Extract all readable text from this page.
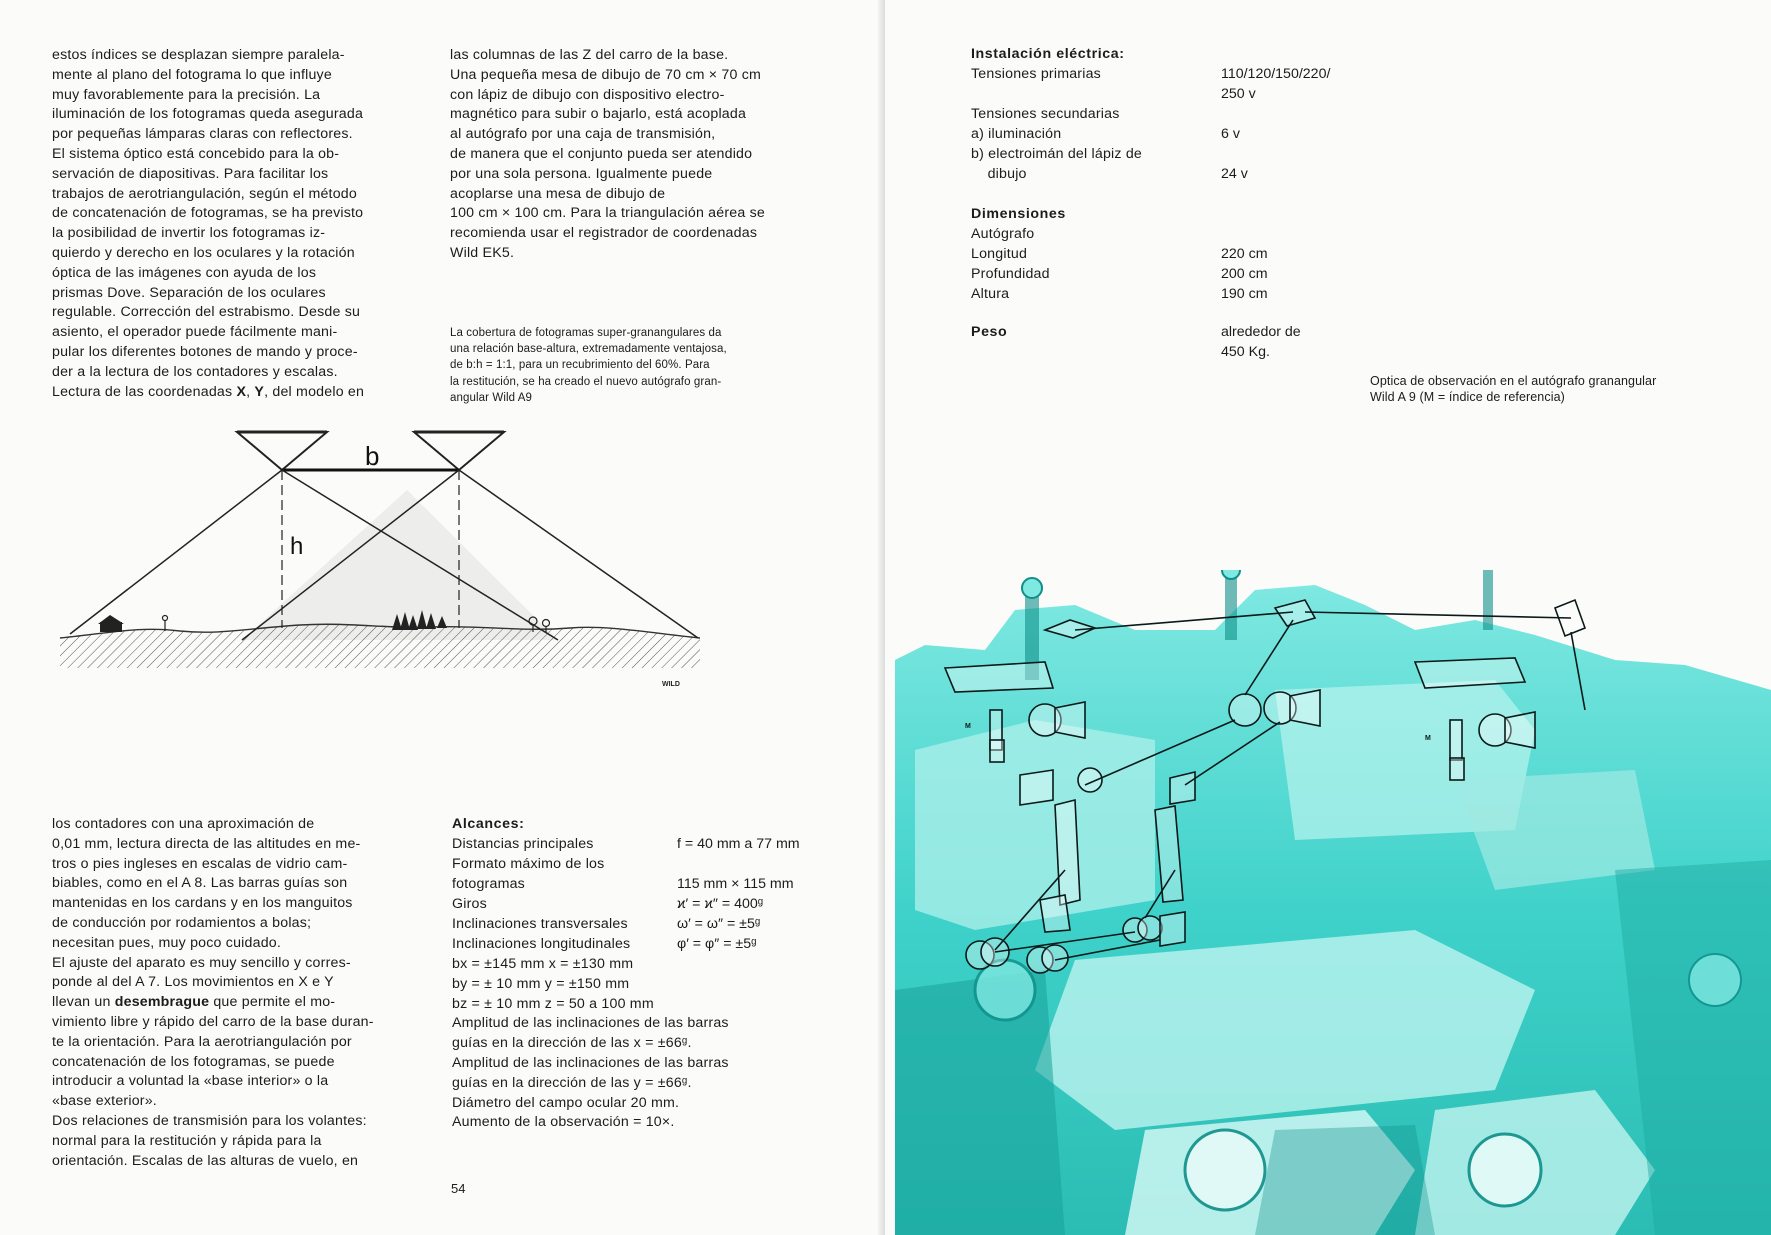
estos índices se desplazan siempre paralela-
mente al plano del fotograma lo que influye
muy favorablemente para la precisión. La
iluminación de los fotogramas queda asegurada
por pequeñas lámparas claras con reflectores.
El sistema óptico está concebido para la ob-
servación de diapositivas. Para facilitar los
trabajos de aerotriangulación, según el método
de concatenación de fotogramas, se ha previsto
la posibilidad de invertir los fotogramas iz-
quierdo y derecho en los oculares y la rotación
óptica de las imágenes con ayuda de los
prismas Dove. Separación de los oculares
regulable. Corrección del estrabismo. Desde su
asiento, el operador puede fácilmente mani-
pular los diferentes botones de mando y proce-
der a la lectura de los contadores y escalas.

Lectura de las coordenadas X, Y, del modelo en

las columnas de las Z del carro de la base.
Una pequeña mesa de dibujo de 70 cm × 70 cm
con lápiz de dibujo con dispositivo electro-
magnético para subir o bajarlo, está acoplada
al autógrafo por una caja de transmisión,
de manera que el conjunto pueda ser atendido
por una sola persona. Igualmente puede
acoplarse una mesa de dibujo de
100 cm × 100 cm. Para la triangulación aérea se
recomienda usar el registrador de coordenadas
Wild EK5.

La cobertura de fotogramas super-granangulares da
una relación base-altura, extremadamente ventajosa,
de b:h = 1:1, para un recubrimiento del 60%. Para
la restitución, se ha creado el nuevo autógrafo gran-
angular Wild A9

b
h
WILD

los contadores con una aproximación de
0,01 mm, lectura directa de las altitudes en me-
tros o pies ingleses en escalas de vidrio cam-
biables, como en el A 8. Las barras guías son
mantenidas en los cardans y en los manguitos
de conducción por rodamientos a bolas;
necesitan pues, muy poco cuidado.
El ajuste del aparato es muy sencillo y corres-
ponde al del A 7. Los movimientos en X e Y

llevan un desembrague que permite el mo-

vimiento libre y rápido del carro de la base duran-
te la orientación. Para la aerotriangulación por
concatenación de los fotogramas, se puede
introducir a voluntad la «base interior» o la
«base exterior».
Dos relaciones de transmisión para los volantes:
normal para la restitución y rápida para la
orientación. Escalas de las alturas de vuelo, en

Alcances:
Distancias principales	f = 40 mm a 77 mm
Formato máximo de los
fotogramas	115 mm × 115 mm
Giros	ϰ′ = ϰ″ = 400ᵍ
Inclinaciones transversales	ω′ = ω″ = ±5ᵍ
Inclinaciones longitudinales	φ′ = φ″ = ±5ᵍ

bx = ±145 mm x = ±130 mm
by = ± 10 mm y = ±150 mm
bz = ± 10 mm z = 50 a 100 mm
Amplitud de las inclinaciones de las barras
guías en la dirección de las x = ±66ᵍ.
Amplitud de las inclinaciones de las barras
guías en la dirección de las y = ±66ᵍ.
Diámetro del campo ocular 20 mm.
Aumento de la observación = 10×.

54
Instalación eléctrica:
Tensiones primarias	110/120/150/220/
250 v
Tensiones secundarias
a) iluminación	6 v
b) electroimán del lápiz de
dibujo	24 v
Dimensiones
Autógrafo
Longitud	220 cm
Profundidad	200 cm
Altura	190 cm
Peso	alrededor de
450 Kg.

Optica de observación en el autógrafo granangular
Wild A 9 (M = índice de referencia)

M
M
